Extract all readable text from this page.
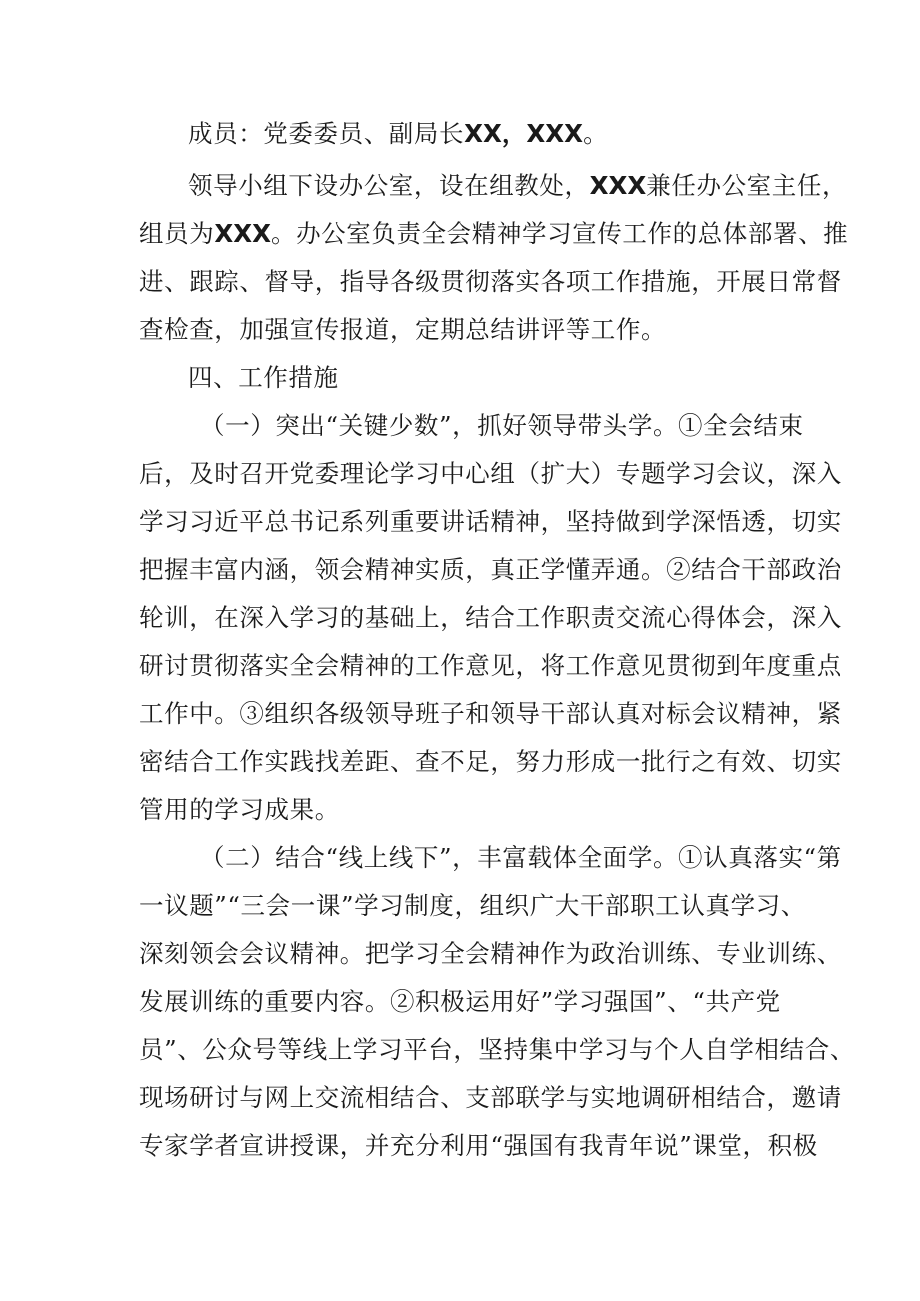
成员：党委委员、副局长XX，XXX。
领导小组下设办公室，设在组教处，XXX兼任办公室主任，
组员为XXX。办公室负责全会精神学习宣传工作的总体部署、推
进、跟踪、督导，指导各级贯彻落实各项工作措施，开展日常督
查检查，加强宣传报道，定期总结讲评等工作。
四、工作措施
（一）突出“关键少数”，抓好领导带头学。①全会结束
后，及时召开党委理论学习中心组（扩大）专题学习会议，深入
学习习近平总书记系列重要讲话精神，坚持做到学深悟透，切实
把握丰富内涵，领会精神实质，真正学懂弄通。②结合干部政治
轮训，在深入学习的基础上，结合工作职责交流心得体会，深入
研讨贯彻落实全会精神的工作意见，将工作意见贯彻到年度重点
工作中。③组织各级领导班子和领导干部认真对标会议精神，紧
密结合工作实践找差距、查不足，努力形成一批行之有效、切实
管用的学习成果。
（二）结合“线上线下”，丰富载体全面学。①认真落实“第
一议题”“三会一课”学习制度，组织广大干部职工认真学习、
深刻领会会议精神。把学习全会精神作为政治训练、专业训练、
发展训练的重要内容。②积极运用好”学习强国”、“共产党
员”、公众号等线上学习平台，坚持集中学习与个人自学相结合、
现场研讨与网上交流相结合、支部联学与实地调研相结合，邀请
专家学者宣讲授课，并充分利用“强国有我青年说”课堂，积极
